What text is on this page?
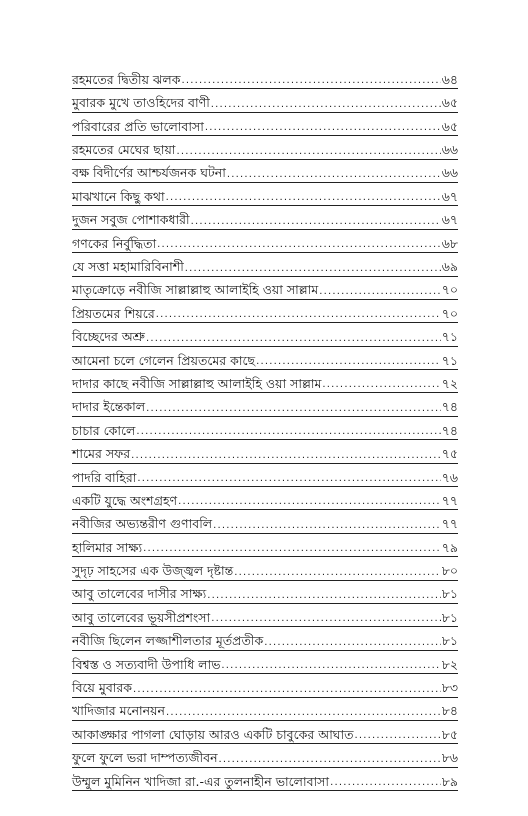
রহমতের দ্বিতীয় ঝলক .....	৬৪
মুবারক মুখে তাওহিদের বাণী .....	৬৫
পরিবারের প্রতি ভালোবাসা .....	৬৫
রহমতের মেঘের ছায়া .....	৬৬
বক্ষ বিদীর্ণের আশ্চর্যজনক ঘটনা .....	৬৬
মাঝখানে কিছু কথা .....	৬৭
দুজন সবুজ পোশাকধারী .....	৬৭
গণকের নির্বুদ্ধিতা .....	৬৮
যে সত্তা মহামারিবিনাশী .....	৬৯
মাতৃক্রোড়ে নবীজি সাল্লাল্লাহু আলাইহি ওয়া সাল্লাম .....	৭০
প্রিয়তমের শিয়রে .....	৭০
বিচ্ছেদের অশ্রু .....	৭১
আমেনা চলে গেলেন প্রিয়তমের কাছে .....	৭১
দাদার কাছে নবীজি সাল্লাল্লাহু আলাইহি ওয়া সাল্লাম .....	৭২
দাদার ইন্তেকাল .....	৭৪
চাচার কোলে .....	৭৪
শামের সফর .....	৭৫
পাদরি বাহিরা .....	৭৬
একটি যুদ্ধে অংশগ্রহণ .....	৭৭
নবীজির অভ্যন্তরীণ গুণাবলি .....	৭৭
হালিমার সাক্ষ্য .....	৭৯
সুদৃঢ় সাহসের এক উজ্জ্বল দৃষ্টান্ত .....	৮০
আবু তালেবের দাসীর সাক্ষ্য .....	৮১
আবু তালেবের ভূয়সীপ্রশংসা .....	৮১
নবীজি ছিলেন লজ্জাশীলতার মূর্তপ্রতীক .....	৮১
বিশ্বস্ত ও সত্যবাদী উপাধি লাভ .....	৮২
বিয়ে মুবারক .....	৮৩
খাদিজার মনোনয়ন .....	৮৪
আকাঙ্ক্ষার পাগলা ঘোড়ায় আরও একটি চাবুকের আঘাত .....	৮৫
ফুলে ফুলে ভরা দাম্পত্যজীবন .....	৮৬
উম্মুল মুমিনিন খাদিজা রা.-এর তুলনাহীন ভালোবাসা .....	৮৯
